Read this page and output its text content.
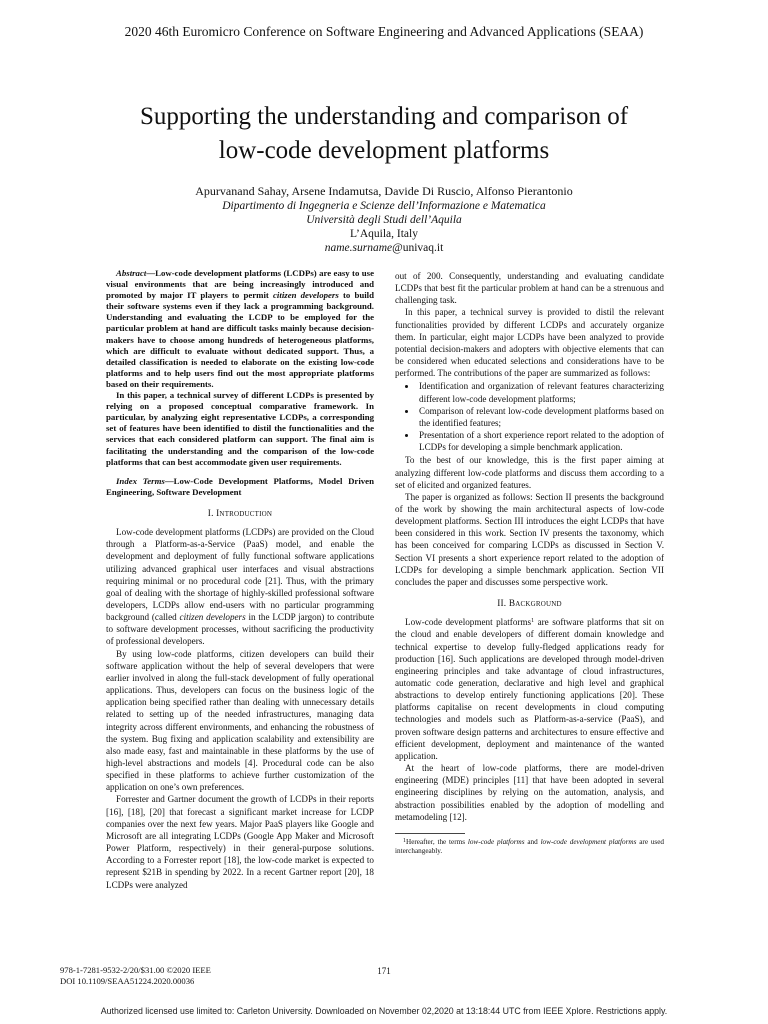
2020 46th Euromicro Conference on Software Engineering and Advanced Applications (SEAA)
Supporting the understanding and comparison of
low-code development platforms
Apurvanand Sahay, Arsene Indamutsa, Davide Di Ruscio, Alfonso Pierantonio
Dipartimento di Ingegneria e Scienze dell’Informazione e Matematica
Università degli Studi dell’Aquila
L’Aquila, Italy
name.surname@univaq.it

Abstract—Low-code development platforms (LCDPs) are easy to use visual environments that are being increasingly introduced and promoted by major IT players to permit citizen developers to build their software systems even if they lack a programming background. Understanding and evaluating the LCDP to be employed for the particular problem at hand are difficult tasks mainly because decision-makers have to choose among hundreds of heterogeneous platforms, which are difficult to evaluate without dedicated support. Thus, a detailed classification is needed to elaborate on the existing low-code platforms and to help users find out the most appropriate platforms based on their requirements.

In this paper, a technical survey of different LCDPs is presented by relying on a proposed conceptual comparative framework. In particular, by analyzing eight representative LCDPs, a corresponding set of features have been identified to distil the functionalities and the services that each considered platform can support. The final aim is facilitating the understanding and the comparison of the low-code platforms that can best accommodate given user requirements.

Index Terms—Low-Code Development Platforms, Model Driven Engineering, Software Development

I. Introduction

Low-code development platforms (LCDPs) are provided on the Cloud through a Platform-as-a-Service (PaaS) model, and enable the development and deployment of fully functional software applications utilizing advanced graphical user interfaces and visual abstractions requiring minimal or no procedural code [21]. Thus, with the primary goal of dealing with the shortage of highly-skilled professional software developers, LCDPs allow end-users with no particular programming background (called citizen developers in the LCDP jargon) to contribute to software development processes, without sacrificing the productivity of professional developers.

By using low-code platforms, citizen developers can build their software application without the help of several developers that were earlier involved in along the full-stack development of fully operational applications. Thus, developers can focus on the business logic of the application being specified rather than dealing with unnecessary details related to setting up of the needed infrastructures, managing data integrity across different environments, and enhancing the robustness of the system. Bug fixing and application scalability and extensibility are also made easy, fast and maintainable in these platforms by the use of high-level abstractions and models [4]. Procedural code can be also specified in these platforms to achieve further customization of the application on one’s own preferences.

Forrester and Gartner document the growth of LCDPs in their reports [16], [18], [20] that forecast a significant market increase for LCDP companies over the next few years. Major PaaS players like Google and Microsoft are all integrating LCDPs (Google App Maker and Microsoft Power Platform, respectively) in their general-purpose solutions. According to a Forrester report [18], the low-code market is expected to represent $21B in spending by 2022. In a recent Gartner report [20], 18 LCDPs were analyzed

out of 200. Consequently, understanding and evaluating candidate LCDPs that best fit the particular problem at hand can be a strenuous and challenging task.

In this paper, a technical survey is provided to distil the relevant functionalities provided by different LCDPs and accurately organize them. In particular, eight major LCDPs have been analyzed to provide potential decision-makers and adopters with objective elements that can be considered when educated selections and considerations have to be performed. The contributions of the paper are summarized as follows:

• Identification and organization of relevant features characterizing different low-code development platforms;
• Comparison of relevant low-code development platforms based on the identified features;
• Presentation of a short experience report related to the adoption of LCDPs for developing a simple benchmark application.

To the best of our knowledge, this is the first paper aiming at analyzing different low-code platforms and discuss them according to a set of elicited and organized features.

The paper is organized as follows: Section II presents the background of the work by showing the main architectural aspects of low-code development platforms. Section III introduces the eight LCDPs that have been considered in this work. Section IV presents the taxonomy, which has been conceived for comparing LCDPs as discussed in Section V. Section VI presents a short experience report related to the adoption of LCDPs for developing a simple benchmark application. Section VII concludes the paper and discusses some perspective work.

II. Background

Low-code development platforms$^1$ are software platforms that sit on the cloud and enable developers of different domain knowledge and technical expertise to develop fully-fledged applications ready for production [16]. Such applications are developed through model-driven engineering principles and take advantage of cloud infrastructures, automatic code generation, declarative and high level and graphical abstractions to develop entirely functioning applications [20]. These platforms capitalise on recent developments in cloud computing technologies and models such as Platform-as-a-service (PaaS), and proven software design patterns and architectures to ensure effective and efficient development, deployment and maintenance of the wanted application.

At the heart of low-code platforms, there are model-driven engineering (MDE) principles [11] that have been adopted in several engineering disciplines by relying on the automation, analysis, and abstraction possibilities enabled by the adoption of modelling and metamodeling [12].

$^1$Hereafter, the terms low-code platforms and low-code development platforms are used interchangeably.

978-1-7281-9532-2/20/$31.00 ©2020 IEEE
DOI 10.1109/SEAA51224.2020.00036
171
Authorized licensed use limited to: Carleton University. Downloaded on November 02,2020 at 13:18:44 UTC from IEEE Xplore. Restrictions apply.
